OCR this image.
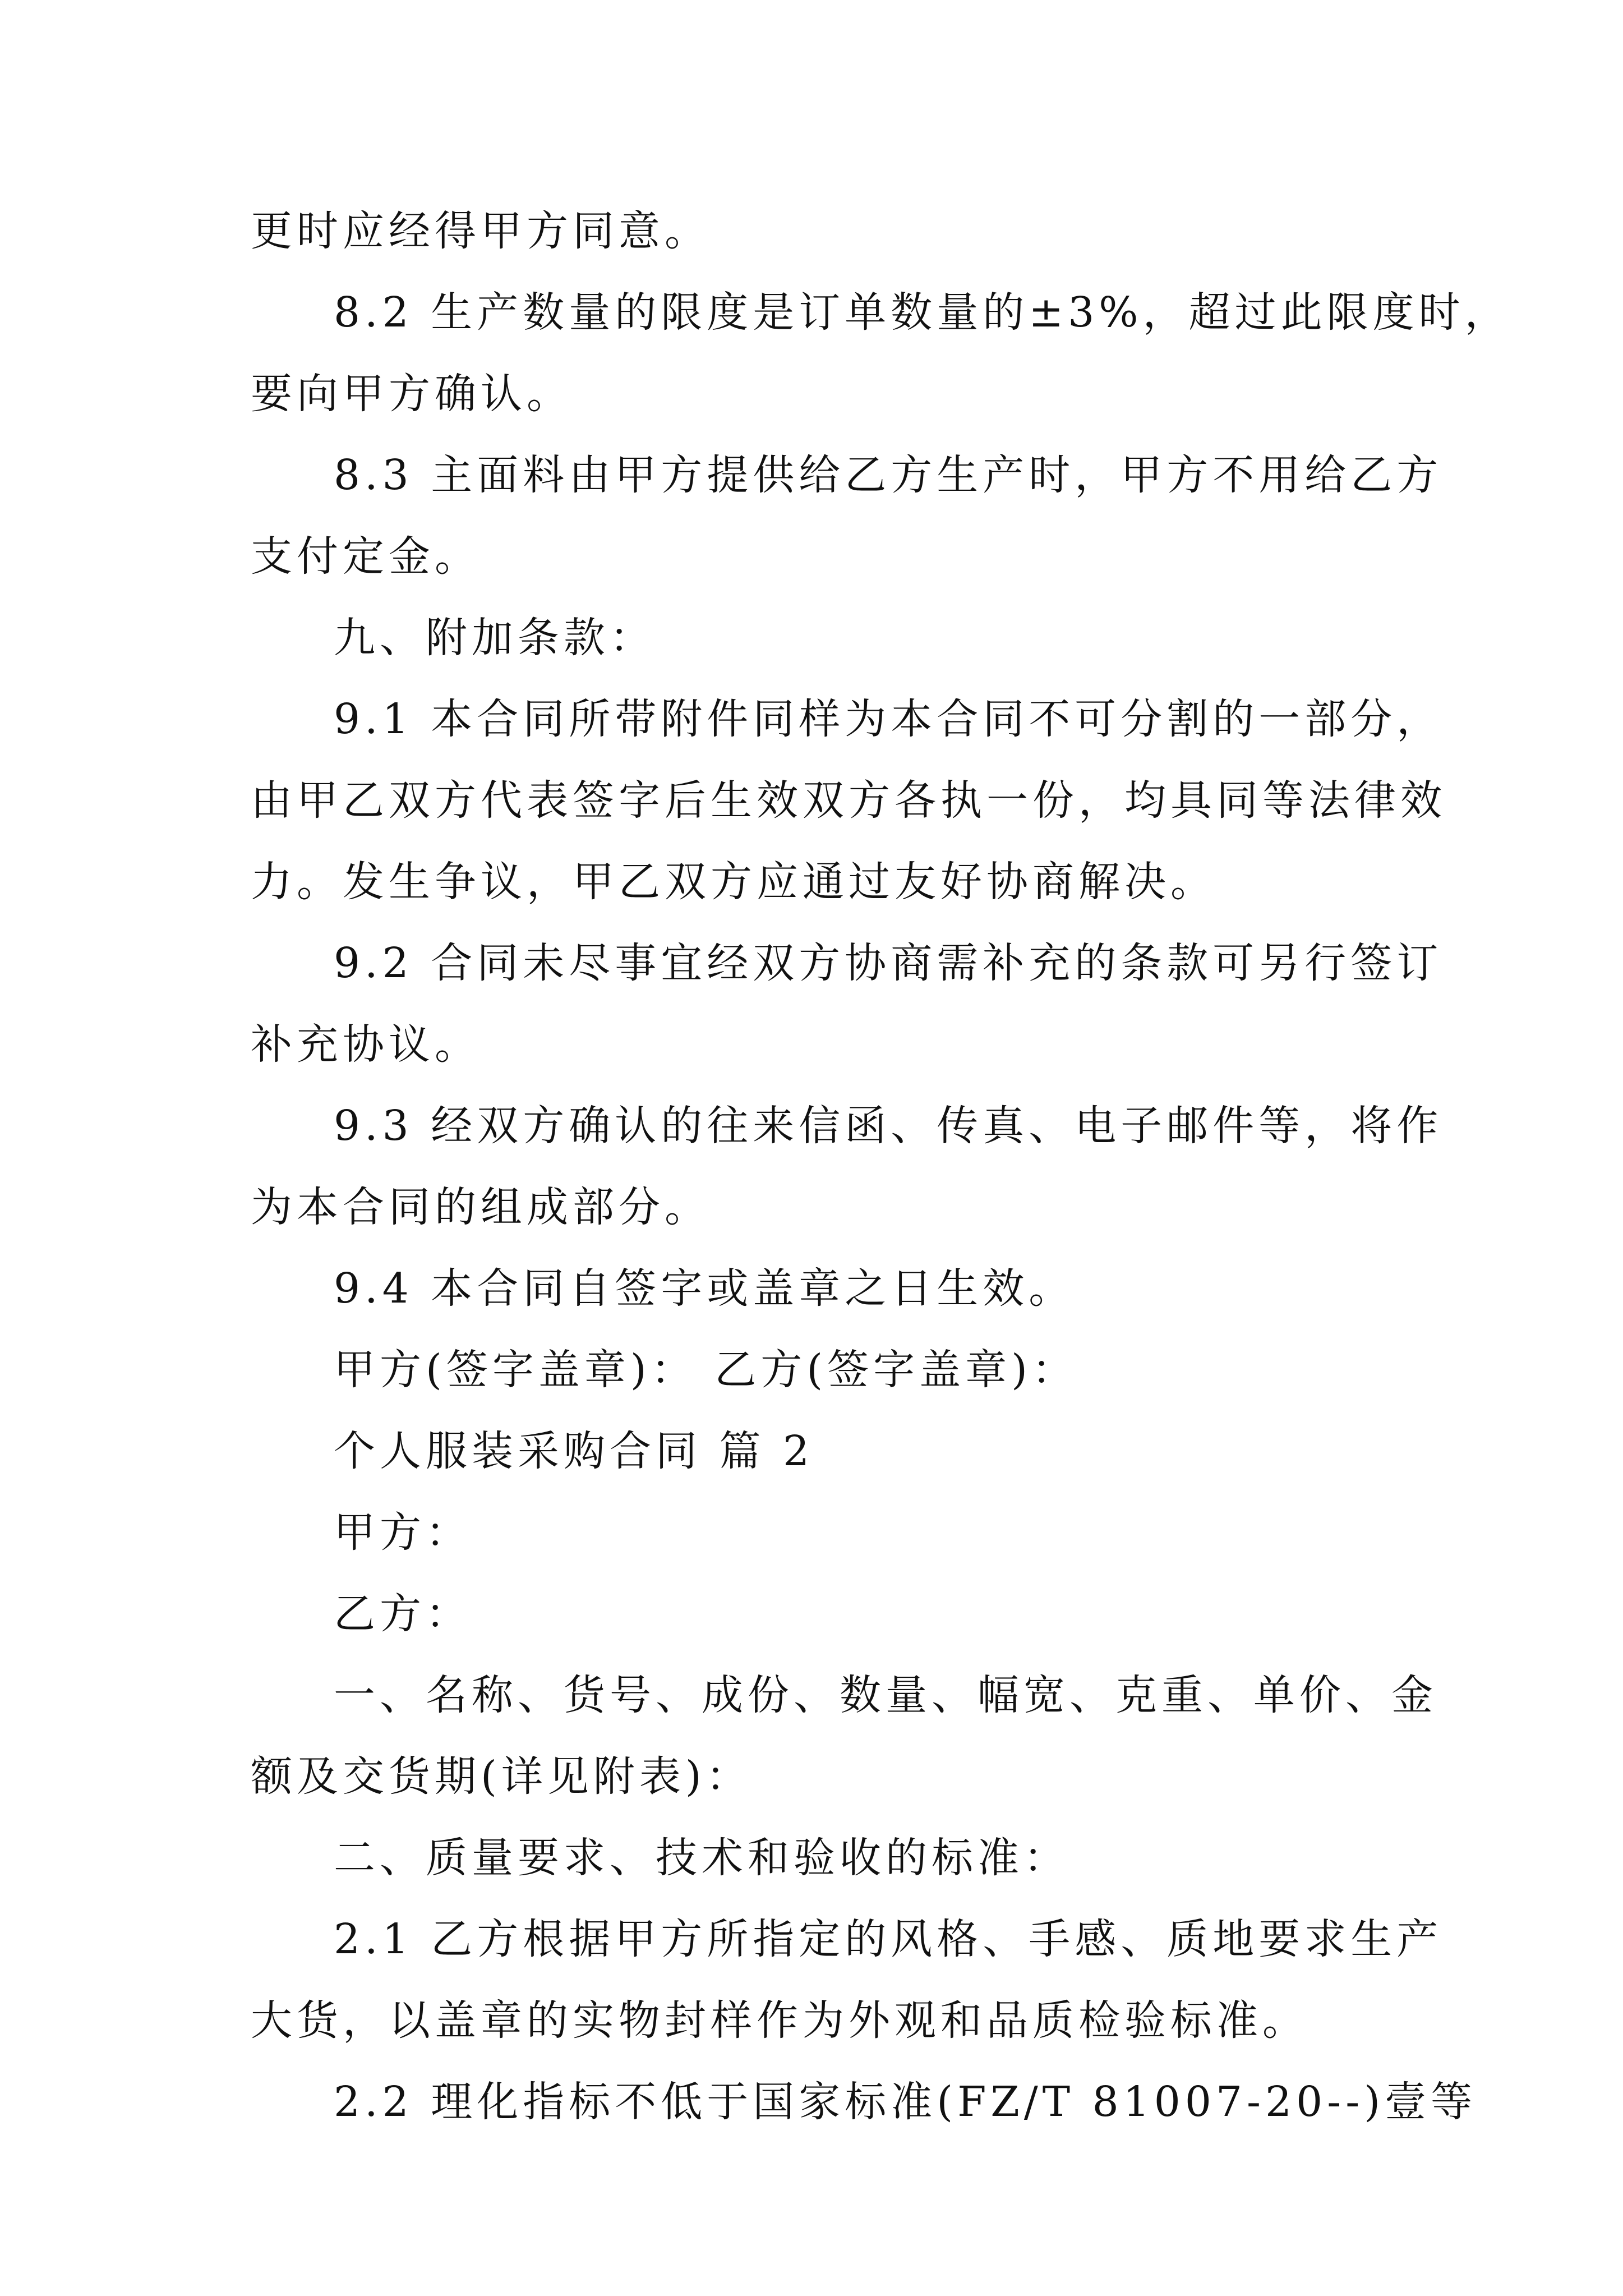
更时应经得甲方同意。
8.2 生产数量的限度是订单数量的±3%，超过此限度时，
要向甲方确认。
8.3 主面料由甲方提供给乙方生产时，甲方不用给乙方
支付定金。
九、附加条款：
9.1 本合同所带附件同样为本合同不可分割的一部分，
由甲乙双方代表签字后生效双方各执一份，均具同等法律效
力。发生争议，甲乙双方应通过友好协商解决。
9.2 合同未尽事宜经双方协商需补充的条款可另行签订
补充协议。
9.3 经双方确认的往来信函、传真、电子邮件等，将作
为本合同的组成部分。
9.4 本合同自签字或盖章之日生效。
甲方(签字盖章)： 乙方(签字盖章)：
个人服装采购合同 篇 2
甲方：
乙方：
一、名称、货号、成份、数量、幅宽、克重、单价、金
额及交货期(详见附表)：
二、质量要求、技术和验收的标准：
2.1 乙方根据甲方所指定的风格、手感、质地要求生产
大货，以盖章的实物封样作为外观和品质检验标准。
2.2 理化指标不低于国家标准(FZ/T 81007-20--)壹等
